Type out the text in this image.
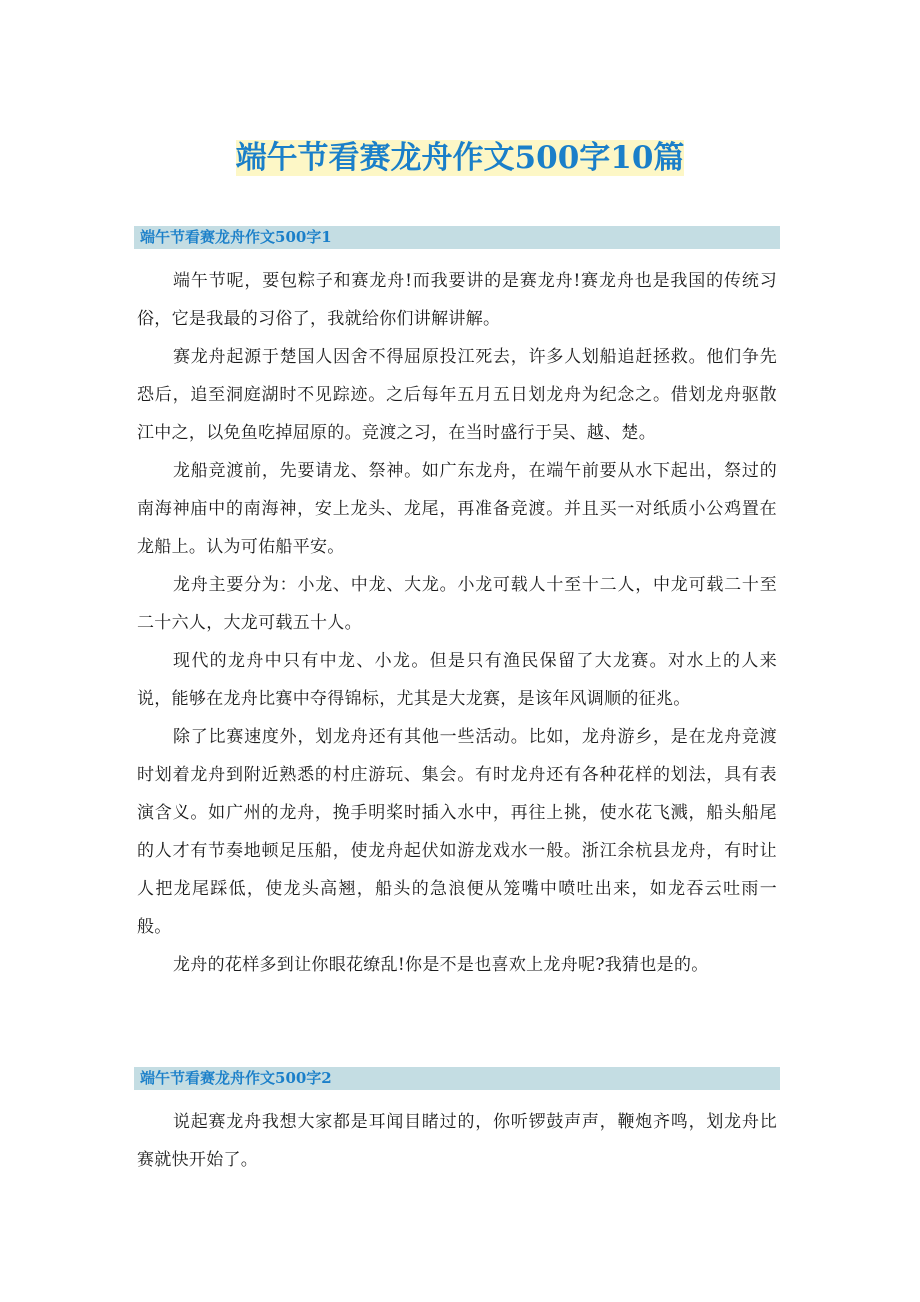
端午节看赛龙舟作文500字10篇
端午节看赛龙舟作文500字1

端午节呢，要包粽子和赛龙舟!而我要讲的是赛龙舟!赛龙舟也是我国的传统习俗，它是我最的习俗了，我就给你们讲解讲解。

赛龙舟起源于楚国人因舍不得屈原投江死去，许多人划船追赶拯救。他们争先恐后，追至洞庭湖时不见踪迹。之后每年五月五日划龙舟为纪念之。借划龙舟驱散江中之，以免鱼吃掉屈原的。竞渡之习，在当时盛行于吴、越、楚。

龙船竞渡前，先要请龙、祭神。如广东龙舟，在端午前要从水下起出，祭过的南海神庙中的南海神，安上龙头、龙尾，再准备竞渡。并且买一对纸质小公鸡置在龙船上。认为可佑船平安。

龙舟主要分为：小龙、中龙、大龙。小龙可载人十至十二人，中龙可载二十至二十六人，大龙可载五十人。

现代的龙舟中只有中龙、小龙。但是只有渔民保留了大龙赛。对水上的人来说，能够在龙舟比赛中夺得锦标，尤其是大龙赛，是该年风调顺的征兆。

除了比赛速度外，划龙舟还有其他一些活动。比如，龙舟游乡，是在龙舟竞渡时划着龙舟到附近熟悉的村庄游玩、集会。有时龙舟还有各种花样的划法，具有表演含义。如广州的龙舟，挽手明桨时插入水中，再往上挑，使水花飞溅，船头船尾的人才有节奏地顿足压船，使龙舟起伏如游龙戏水一般。浙江余杭县龙舟，有时让人把龙尾踩低，使龙头高翘，船头的急浪便从笼嘴中喷吐出来，如龙吞云吐雨一般。

龙舟的花样多到让你眼花缭乱!你是不是也喜欢上龙舟呢?我猜也是的。

端午节看赛龙舟作文500字2

说起赛龙舟我想大家都是耳闻目睹过的，你听锣鼓声声，鞭炮齐鸣，划龙舟比赛就快开始了。
